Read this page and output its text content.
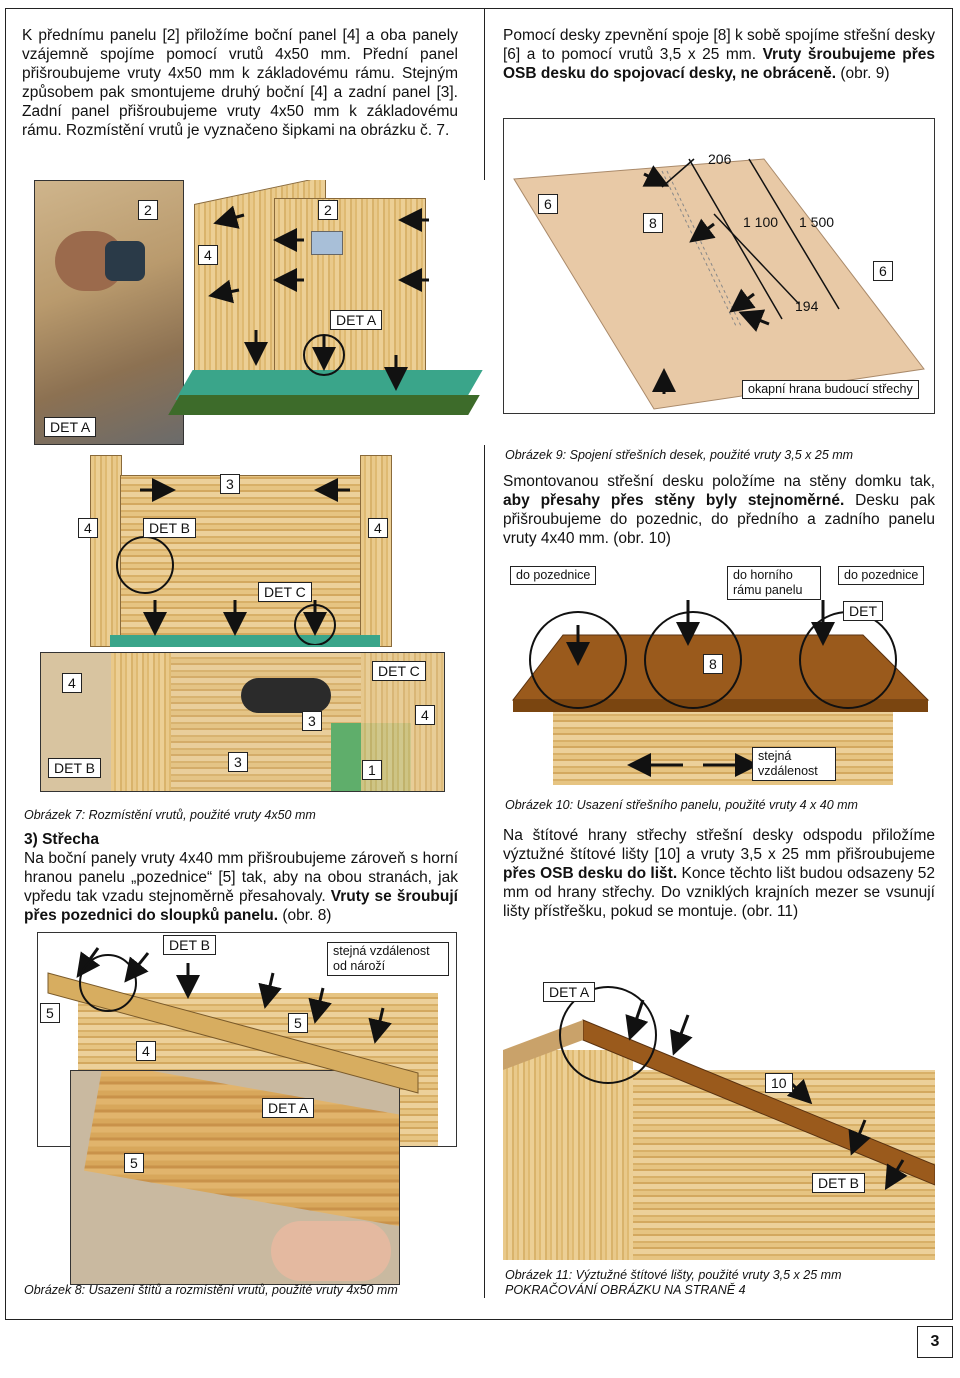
K přednímu panelu [2] přiložíme boční panel [4] a oba panely vzájemně spojíme pomocí vrutů 4x50 mm. Přední panel přišroubujeme vruty 4x50 mm k základovému rámu. Stejným způsobem pak smontujeme druhý boční [4] a zadní panel [3]. Zadní panel přišroubujeme vruty 4x50 mm k základovému rámu. Rozmístění vrutů je vyznačeno šipkami na obrázku č. 7.
2	2
4
DET A
DET A
3
4	DET B	4
DET C
4
DET C
3	4
DET B	3	1
Obrázek 7: Rozmístění vrutů, použité vruty 4x50 mm
3) Střecha
Na boční panely vruty 4x40 mm přišroubujeme zároveň s horní hranou panelu „pozednice“ [5] tak, aby na obou stranách, jak vpředu tak vzadu stejnoměrně přesahovaly. Vruty se šroubují přes pozednici do sloupků panelu. (obr. 8)
DET B	stejná vzdálenost od nároží
5
5
4
DET A
5
Obrázek 8: Usazení štítů a rozmístění vrutů, použité vruty 4x50 mm
Pomocí desky zpevnění spoje [8] k sobě spojíme střešní desky [6] a to pomocí vrutů 3,5 x 25 mm. Vruty šroubujeme přes OSB desku do spojovací desky, ne obráceně. (obr. 9)
206
6
8	1 100	1 500
6
194
okapní hrana budoucí střechy
Obrázek 9: Spojení střešních desek, použité vruty 3,5 x 25 mm
Smontovanou střešní desku položíme na stěny domku tak, aby přesahy přes stěny byly stejnoměrné. Desku pak přišroubujeme do pozednic, do předního a zadního panelu vruty 4x40 mm. (obr. 10)
do pozednice	do horního rámu panelu
do pozednice
DET
8
stejná vzdálenost
Obrázek 10: Usazení střešního panelu, použité vruty 4 x 40 mm
Na štítové hrany střechy střešní desky odspodu přiložíme výztužné štítové lišty [10] a vruty 3,5 x 25 mm přišroubujeme přes OSB desku do lišt. Konce těchto lišt budou odsazeny 52 mm od hrany střechy. Do vzniklých krajních mezer se vsunují lišty přístřešku, pokud se montuje. (obr. 11)
DET A
10
DET B
Obrázek 11: Výztužné štítové lišty, použité vruty 3,5 x 25 mm
POKRAČOVÁNÍ OBRÁZKU NA STRANĚ 4
3
